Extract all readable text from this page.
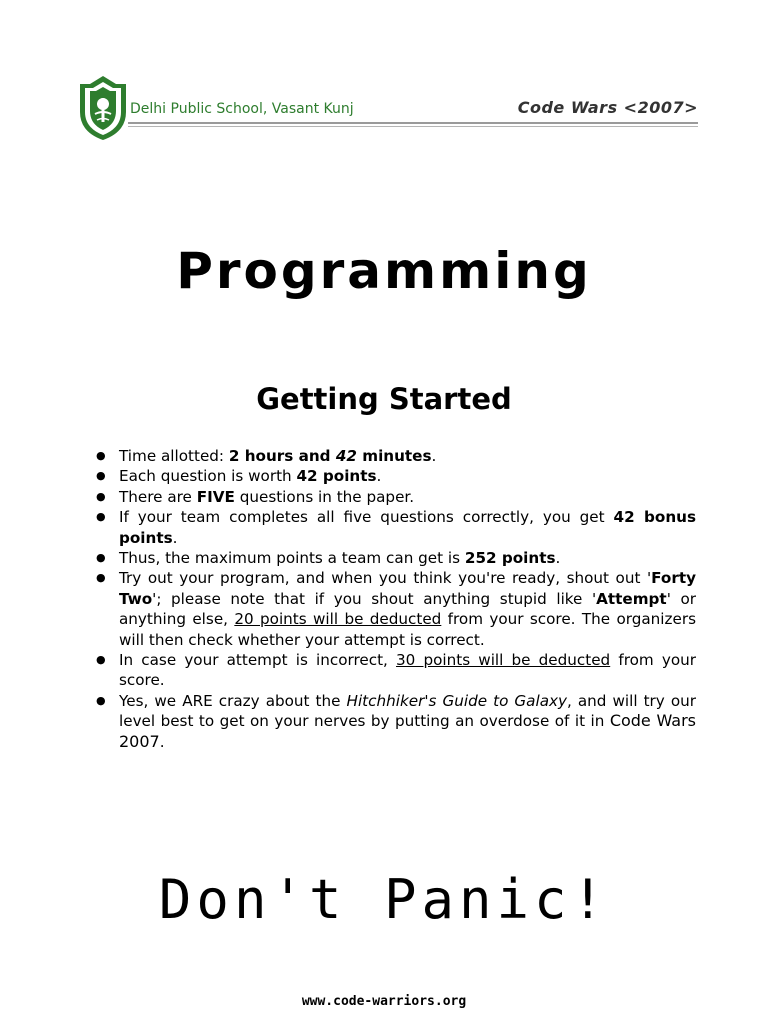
Delhi Public School, Vasant Kunj	Code Wars <2007>
Programming
Getting Started
● Time allotted: 2 hours and 42 minutes.
● Each question is worth 42 points.
● There are FIVE questions in the paper.
● If your team completes all five questions correctly, you get 42 bonus points.
● Thus, the maximum points a team can get is 252 points.
● Try out your program, and when you think you're ready, shout out 'Forty Two'; please note that if you shout anything stupid like 'Attempt' or anything else, 20 points will be deducted from your score. The organizers will then check whether your attempt is correct.
● In case your attempt is incorrect, 30 points will be deducted from your score.
● Yes, we ARE crazy about the Hitchhiker's Guide to Galaxy, and will try our level best to get on your nerves by putting an overdose of it in Code Wars 2007.
Don't Panic!
www.code-warriors.org
